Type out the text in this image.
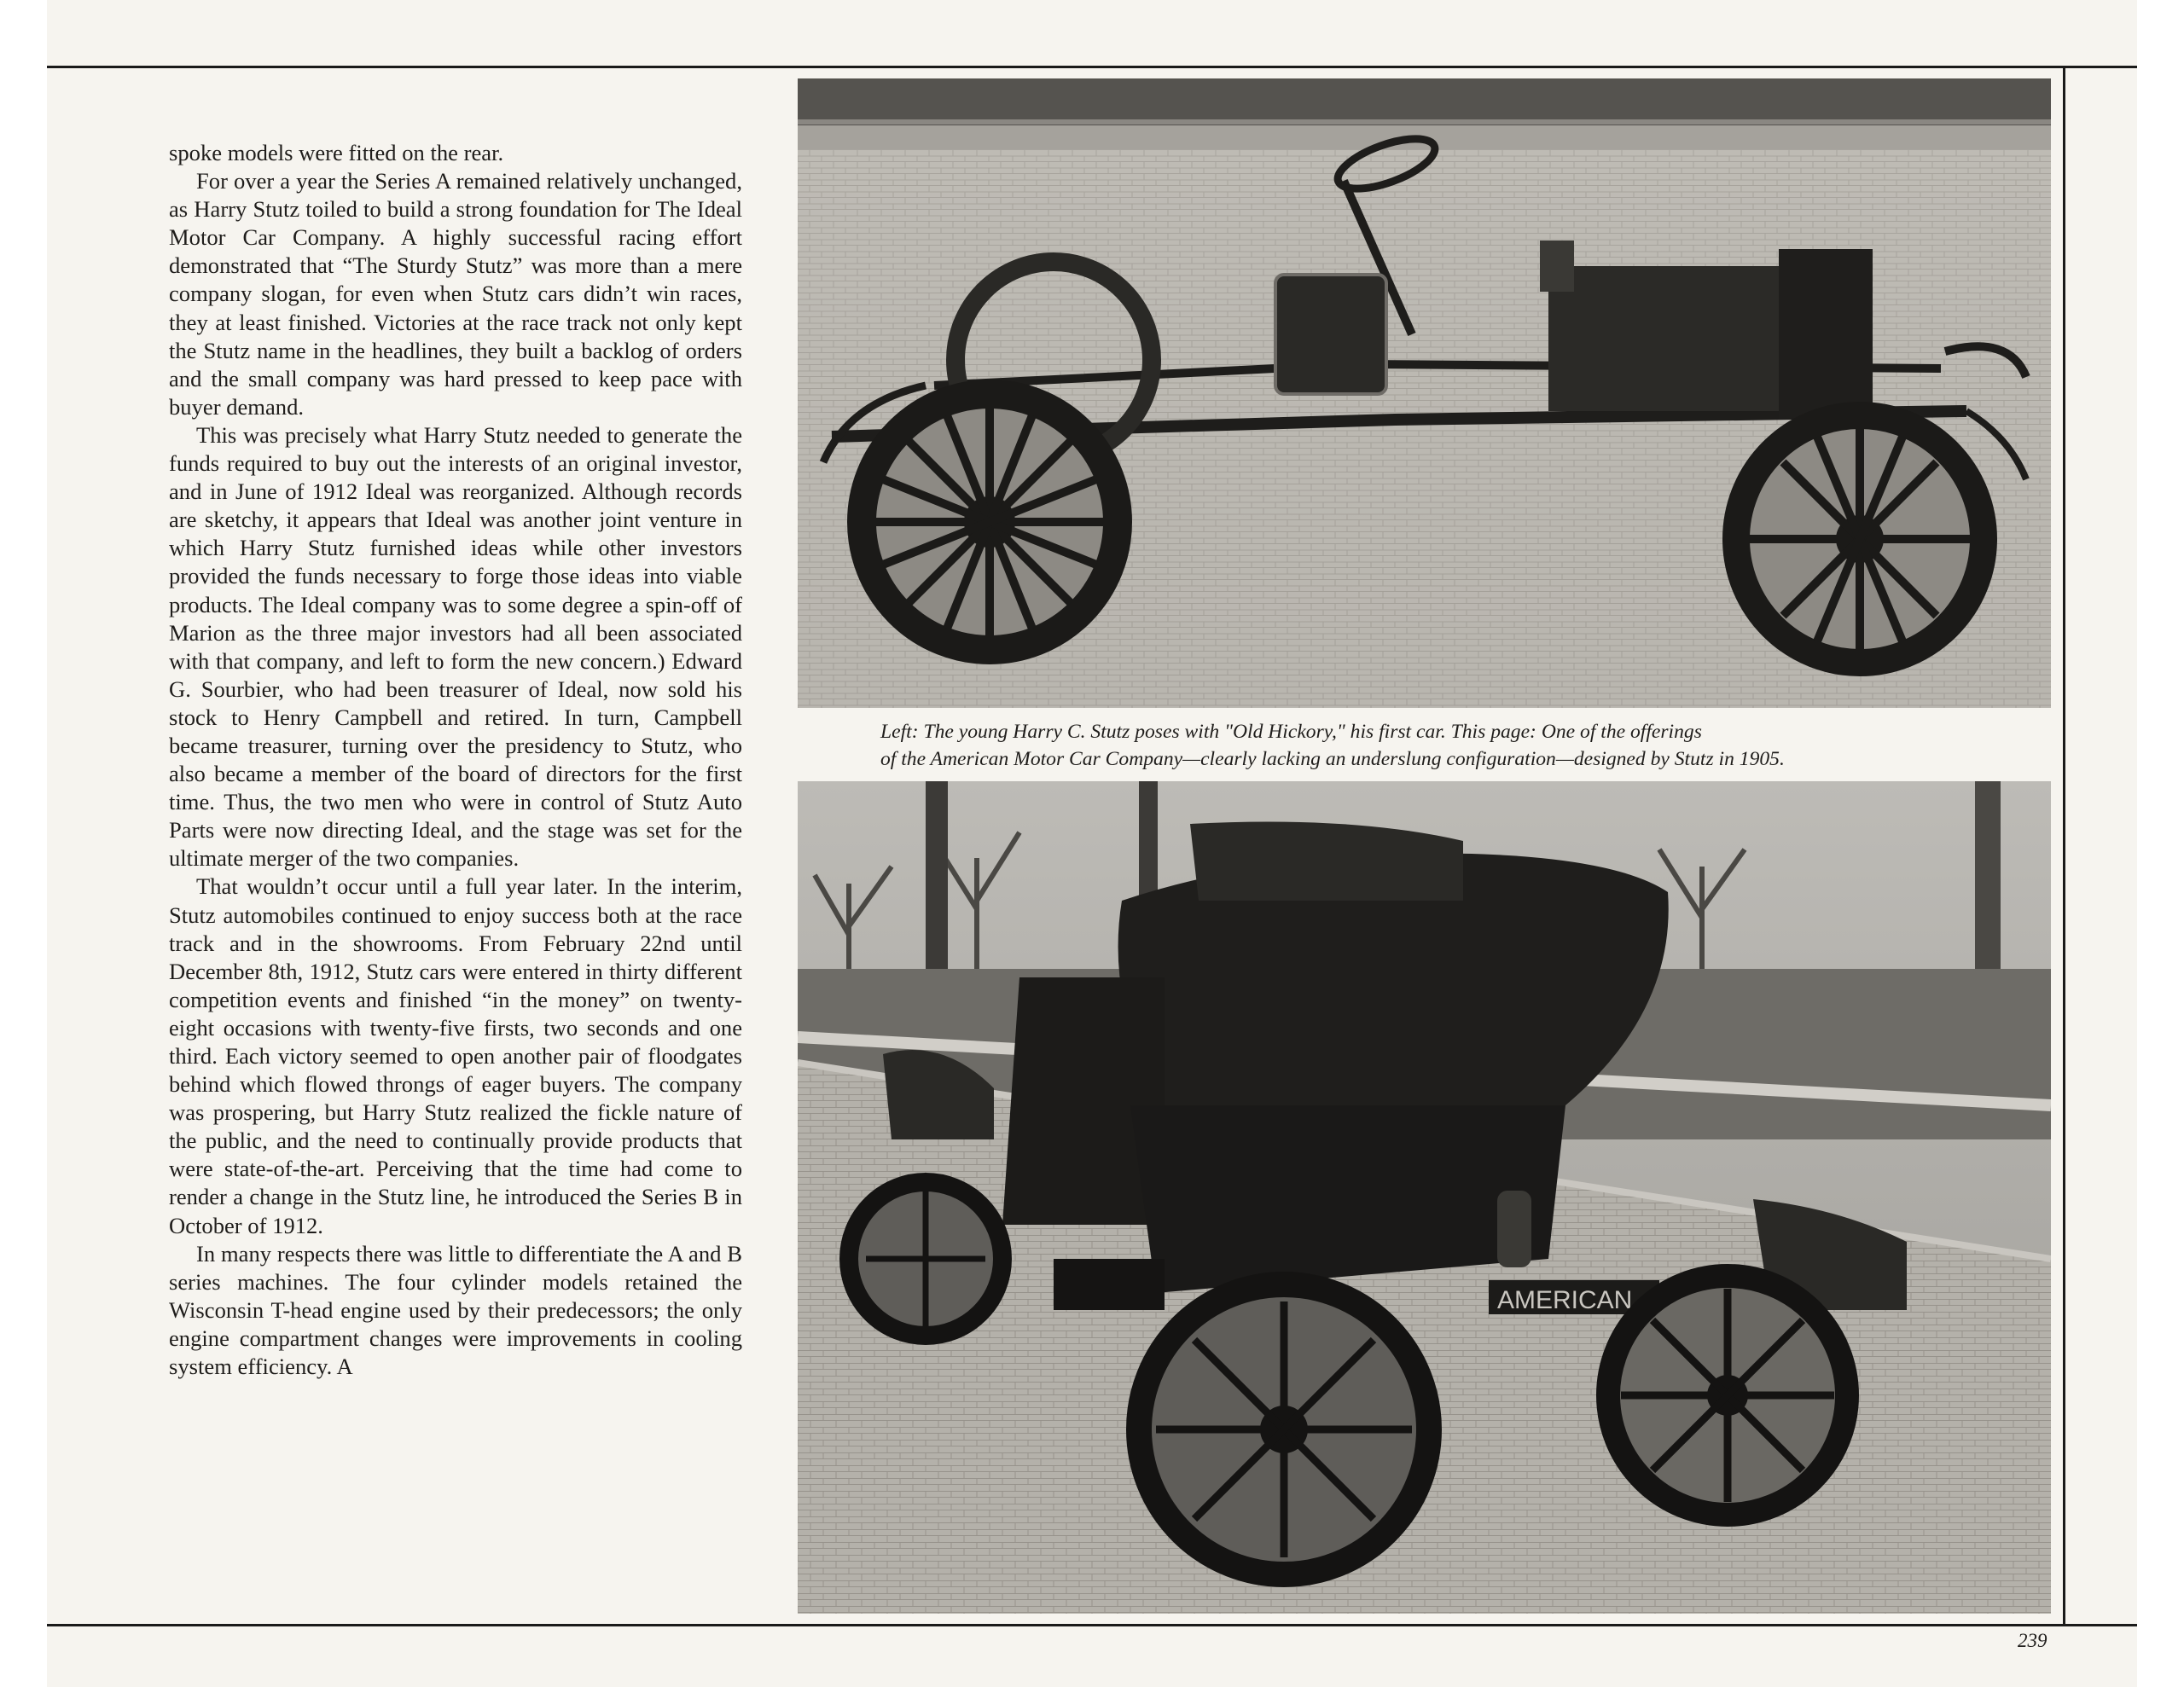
spoke models were fitted on the rear.

For over a year the Series A remained relatively unchanged, as Harry Stutz toiled to build a strong foundation for The Ideal Motor Car Company. A highly successful racing effort demonstrated that “The Sturdy Stutz” was more than a mere company slogan, for even when Stutz cars didn’t win races, they at least finished. Victories at the race track not only kept the Stutz name in the headlines, they built a backlog of orders and the small company was hard pressed to keep pace with buyer demand.

This was precisely what Harry Stutz needed to generate the funds required to buy out the interests of an original investor, and in June of 1912 Ideal was reorganized. Although records are sketchy, it appears that Ideal was another joint venture in which Harry Stutz furnished ideas while other investors provided the funds necessary to forge those ideas into viable products. The Ideal company was to some degree a spin-off of Marion as the three major investors had all been associated with that company, and left to form the new concern.) Edward G. Sourbier, who had been treasurer of Ideal, now sold his stock to Henry Campbell and retired. In turn, Campbell became treasurer, turning over the presidency to Stutz, who also became a member of the board of directors for the first time. Thus, the two men who were in control of Stutz Auto Parts were now directing Ideal, and the stage was set for the ultimate merger of the two companies.

That wouldn’t occur until a full year later. In the interim, Stutz automobiles continued to enjoy success both at the race track and in the showrooms. From February 22nd until December 8th, 1912, Stutz cars were entered in thirty different competition events and finished “in the money” on twenty-eight occasions with twenty-five firsts, two seconds and one third. Each victory seemed to open another pair of floodgates behind which flowed throngs of eager buyers. The company was prospering, but Harry Stutz realized the fickle nature of the public, and the need to continually provide products that were state-of-the-art. Perceiving that the time had come to render a change in the Stutz line, he introduced the Series B in October of 1912.

In many respects there was little to differentiate the A and B series machines. The four cylinder models retained the Wisconsin T-head engine used by their predecessors; the only engine compartment changes were improvements in cooling system efficiency. A

Left: The young Harry C. Stutz poses with "Old Hickory," his first car. This page: One of the offerings
of the American Motor Car Company—clearly lacking an underslung configuration—designed by Stutz in 1905.
AMERICAN
239
